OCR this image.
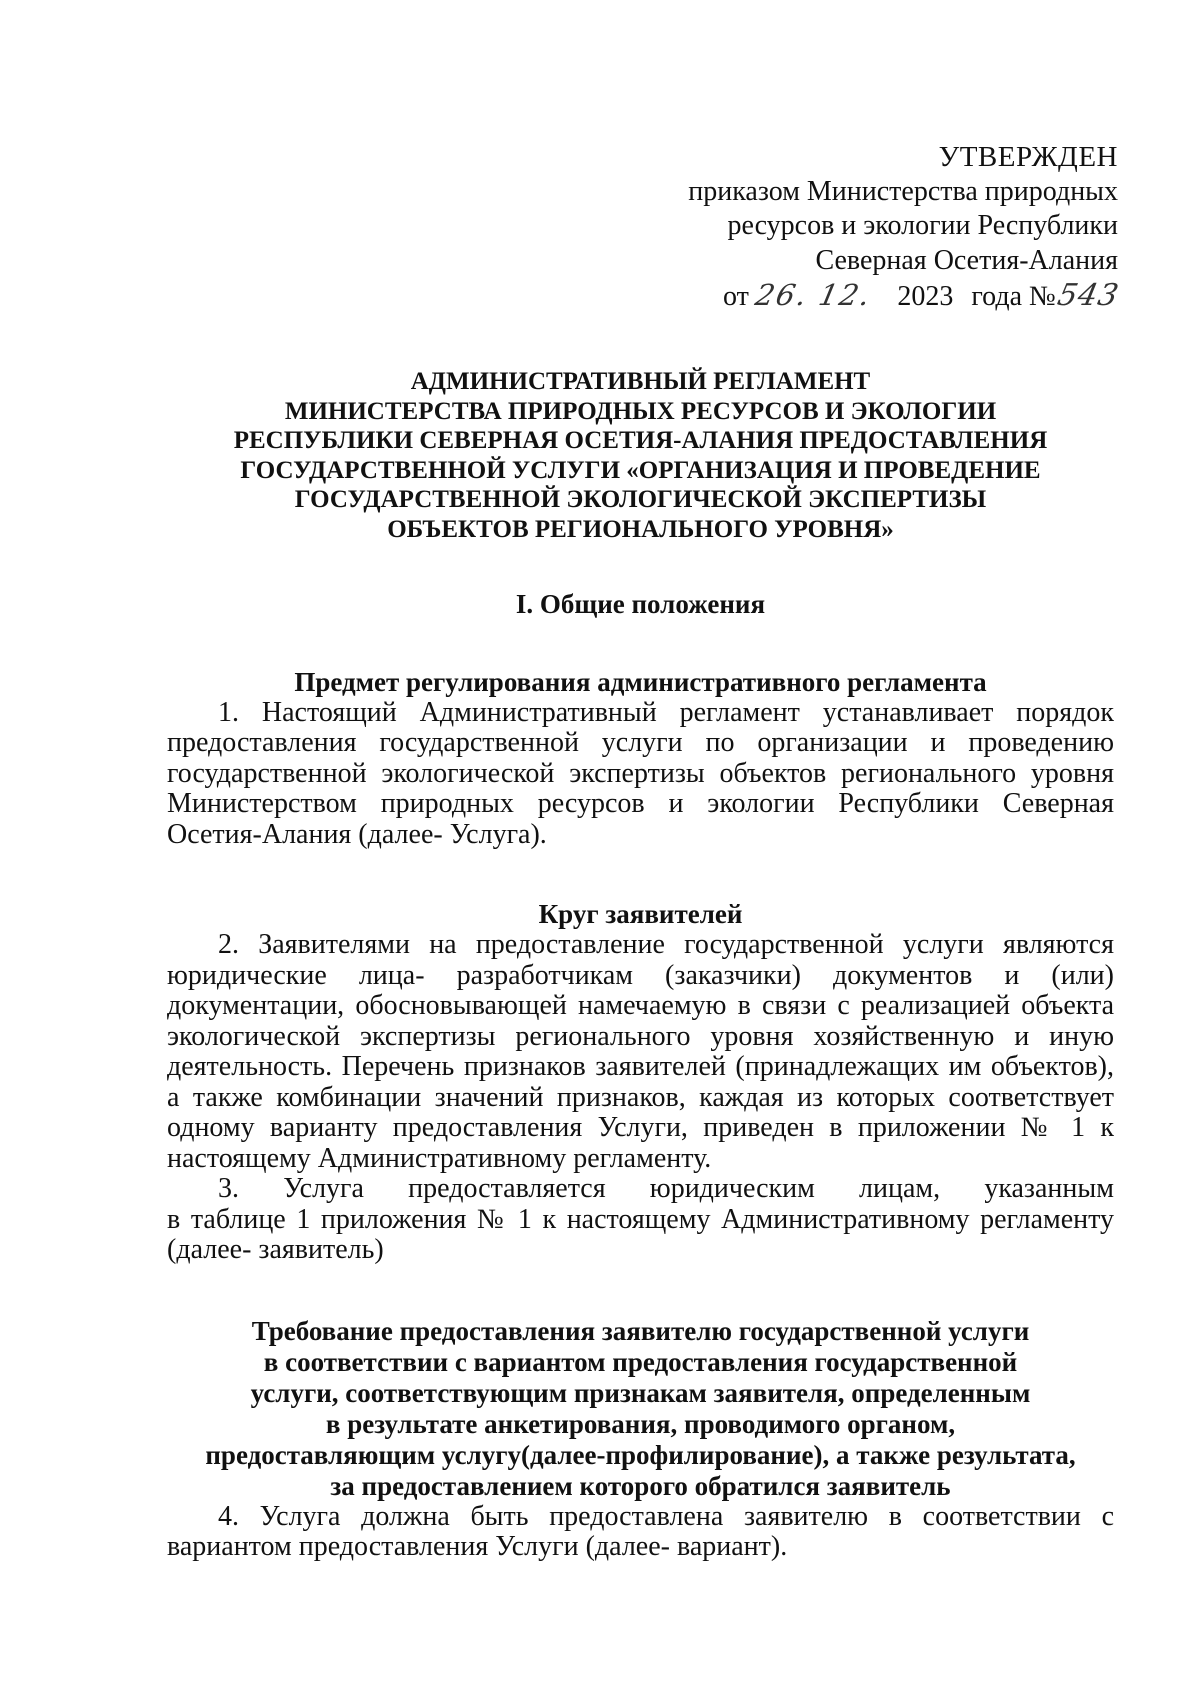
УТВЕРЖДЕН
приказом Министерства природных
ресурсов и экологии Республики
Северная Осетия-Алания
от 26. 12. 2023 года №543
АДМИНИСТРАТИВНЫЙ РЕГЛАМЕНТ
МИНИСТЕРСТВА ПРИРОДНЫХ РЕСУРСОВ И ЭКОЛОГИИ
РЕСПУБЛИКИ СЕВЕРНАЯ ОСЕТИЯ-АЛАНИЯ ПРЕДОСТАВЛЕНИЯ
ГОСУДАРСТВЕННОЙ УСЛУГИ «ОРГАНИЗАЦИЯ И ПРОВЕДЕНИЕ
ГОСУДАРСТВЕННОЙ ЭКОЛОГИЧЕСКОЙ ЭКСПЕРТИЗЫ
ОБЪЕКТОВ РЕГИОНАЛЬНОГО УРОВНЯ»
I. Общие положения
Предмет регулирования административного регламента

1. Настоящий Административный регламент устанавливает порядок предоставления государственной услуги по организации и проведению государственной экологической экспертизы объектов регионального уровня Министерством природных ресурсов и экологии Республики Северная Осетия-Алания (далее- Услуга).

Круг заявителей

2. Заявителями на предоставление государственной услуги являются юридические лица- разработчикам (заказчики) документов и (или) документации, обосновывающей намечаемую в связи с реализацией объекта экологической экспертизы регионального уровня хозяйственную и иную деятельность. Перечень признаков заявителей (принадлежащих им объектов), а также комбинации значений признаков, каждая из которых соответствует одному варианту предоставления Услуги, приведен в приложении № 1 к настоящему Административному регламенту.

3. Услуга предоставляется юридическим лицам, указанным

в таблице 1 приложения № 1 к настоящему Административному регламенту (далее- заявитель)

Требование предоставления заявителю государственной услуги
в соответствии с вариантом предоставления государственной
услуги, соответствующим признакам заявителя, определенным
в результате анкетирования, проводимого органом,
предоставляющим услугу(далее-профилирование), а также результата,
за предоставлением которого обратился заявитель

4. Услуга должна быть предоставлена заявителю в соответствии с вариантом предоставления Услуги (далее- вариант).
